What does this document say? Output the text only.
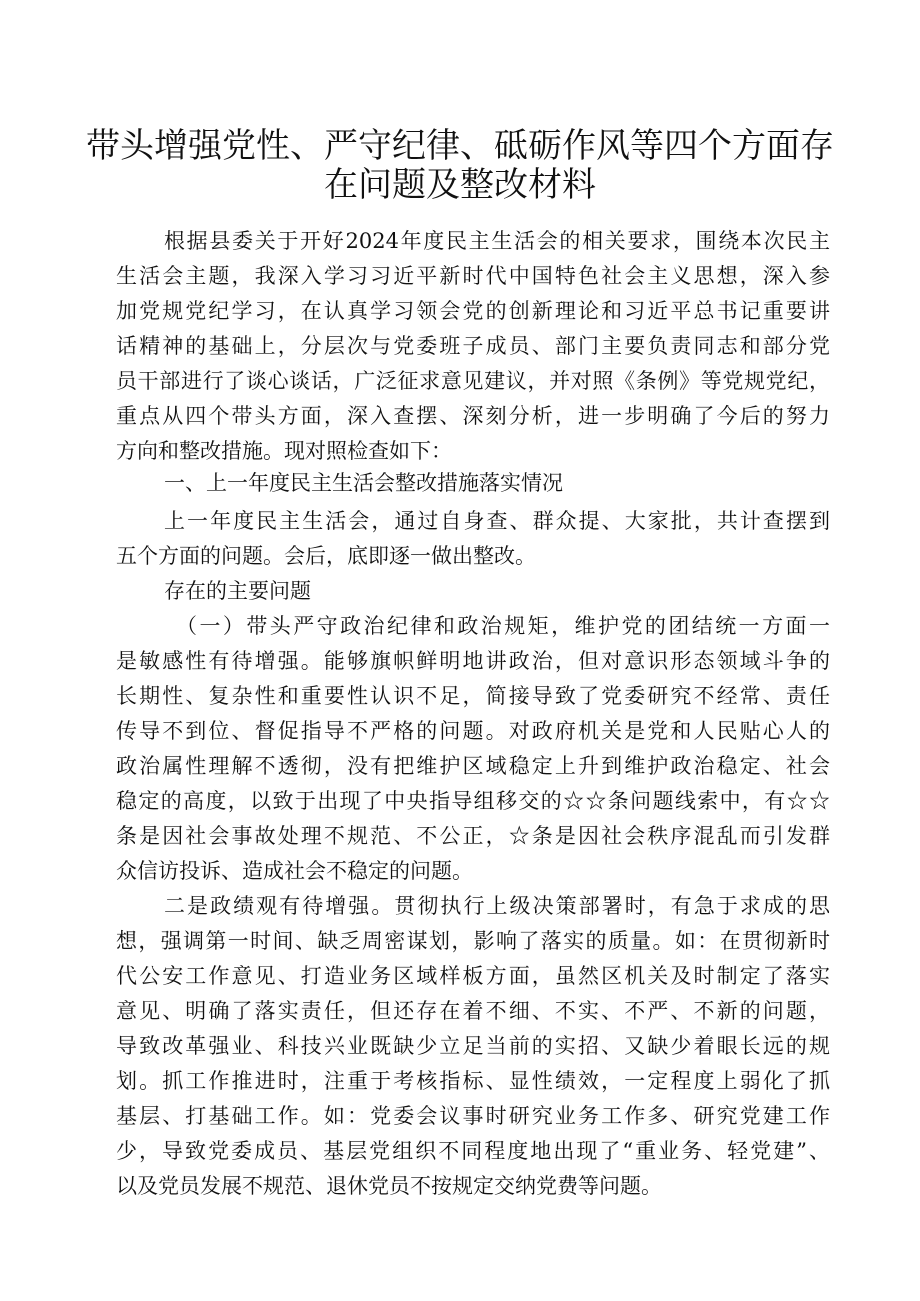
带头增强党性、严守纪律、砥砺作风等四个方面存
在问题及整改材料

根据县委关于开好2024年度民主生活会的相关要求，围绕本次民主

生活会主题，我深入学习习近平新时代中国特色社会主义思想，深入参

加党规党纪学习，在认真学习领会党的创新理论和习近平总书记重要讲

话精神的基础上，分层次与党委班子成员、部门主要负责同志和部分党

员干部进行了谈心谈话，广泛征求意见建议，并对照《条例》等党规党纪，

重点从四个带头方面，深入查摆、深刻分析，进一步明确了今后的努力

方向和整改措施。现对照检查如下：

一、上一年度民主生活会整改措施落实情况

上一年度民主生活会，通过自身查、群众提、大家批，共计查摆到

五个方面的问题。会后，底即逐一做出整改。

存在的主要问题

（一）带头严守政治纪律和政治规矩，维护党的团结统一方面一

是敏感性有待增强。能够旗帜鲜明地讲政治，但对意识形态领域斗争的

长期性、复杂性和重要性认识不足，简接导致了党委研究不经常、责任

传导不到位、督促指导不严格的问题。对政府机关是党和人民贴心人的

政治属性理解不透彻，没有把维护区域稳定上升到维护政治稳定、社会

稳定的高度，以致于出现了中央指导组移交的☆☆条问题线索中，有☆☆

条是因社会事故处理不规范、不公正，☆条是因社会秩序混乱而引发群

众信访投诉、造成社会不稳定的问题。

二是政绩观有待增强。贯彻执行上级决策部署时，有急于求成的思

想，强调第一时间、缺乏周密谋划，影响了落实的质量。如：在贯彻新时

代公安工作意见、打造业务区域样板方面，虽然区机关及时制定了落实

意见、明确了落实责任，但还存在着不细、不实、不严、不新的问题，

导致改革强业、科技兴业既缺少立足当前的实招、又缺少着眼长远的规

划。抓工作推进时，注重于考核指标、显性绩效，一定程度上弱化了抓

基层、打基础工作。如：党委会议事时研究业务工作多、研究党建工作

少，导致党委成员、基层党组织不同程度地出现了“重业务、轻党建”、

以及党员发展不规范、退休党员不按规定交纳党费等问题。
